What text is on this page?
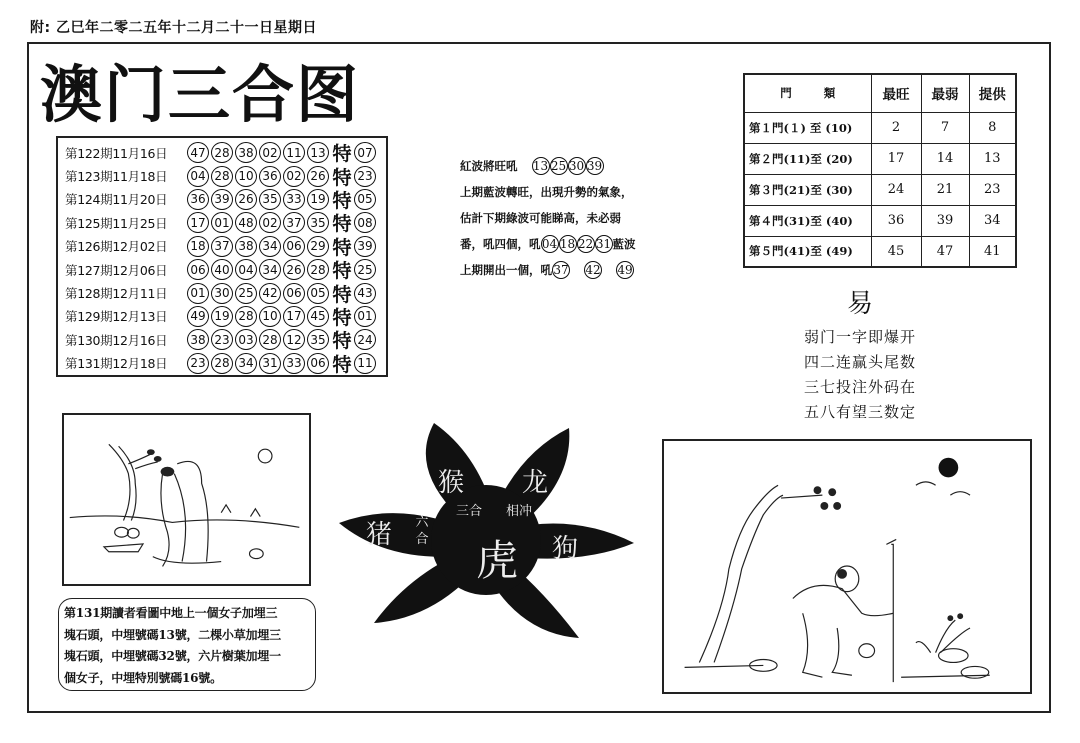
附: 乙巳年二零二五年十二月二十一日星期日
澳门三合图
第122期11月16日	47 28 38 02 11 13 特 07
第123期11月18日	04 28 10 36 02 26 特 23
第124期11月20日	36 39 26 35 33 19 特 05
第125期11月25日	17 01 48 02 37 35 特 08
第126期12月02日	18 37 38 34 06 29 特 39
第127期12月06日	06 40 04 34 26 28 特 25
第128期12月11日	01 30 25 42 06 05 特 43
第129期12月13日	49 19 28 10 17 45 特 01
第130期12月16日	38 23 03 28 12 35 特 24
第131期12月18日	23 28 34 31 33 06 特 11
紅波將旺吼 13 25 30 39
上期藍波轉旺，出現升勢的氣象，
估計下期綠波可能睇高，未必弱
番，吼四個，吼 04 18 22 31 藍波
上期開出一個，吼 37 42 49
門 類	最旺	最弱	提供
第１門(１) 至 (10)	2	7	8
第２門(11)至 (20)	17	14	13
第３門(21)至 (30)	24	21	23
第４門(31)至 (40)	36	39	34
第５門(41)至 (49)	45	47	41
易
弱门一字即爆开
四二连赢头尾数
三七投注外码在
五八有望三数定
第131期讀者看圖中地上一個女子加埋三
塊石頭，中埋號碼13號，二棵小草加埋三
塊石頭，中埋號碼32號，六片樹葉加埋一
個女子，中埋特別號碼16號。
猴 龙
三合 相冲
猪 六合 虎 狗
